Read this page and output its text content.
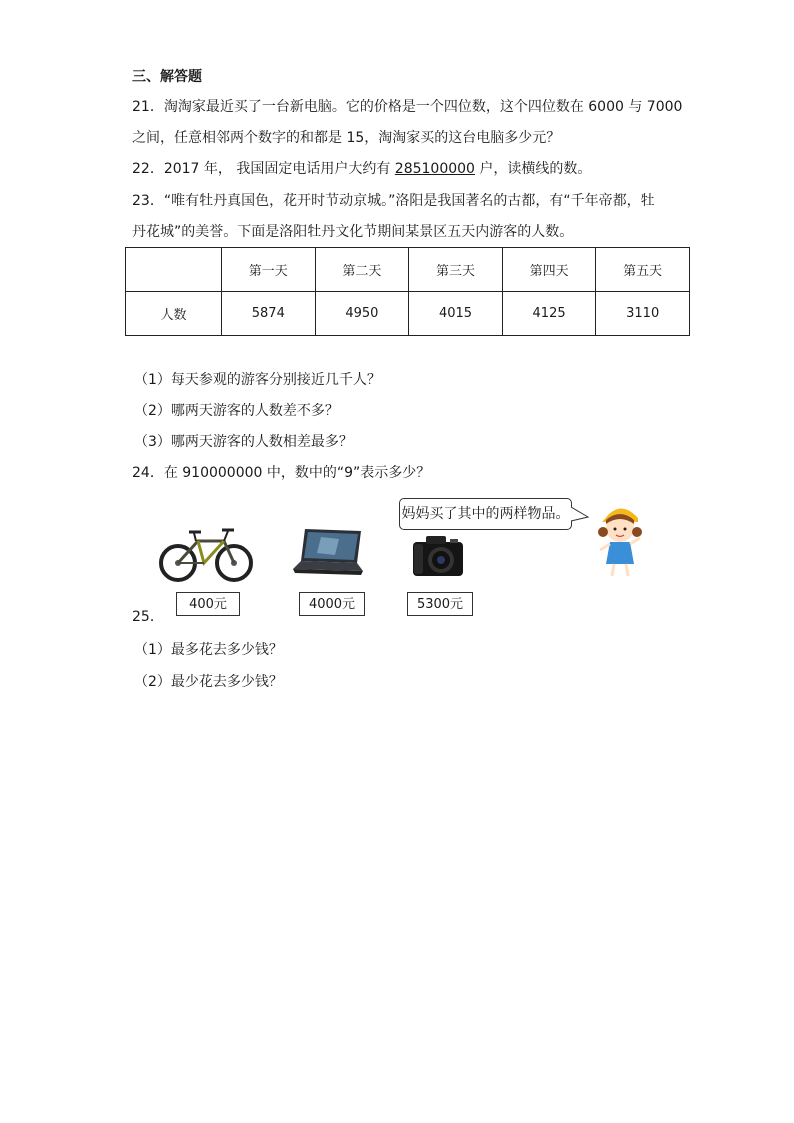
三、解答题
21．淘淘家最近买了一台新电脑。它的价格是一个四位数，这个四位数在 6000 与 7000
之间，任意相邻两个数字的和都是 15，淘淘家买的这台电脑多少元？
22．2017 年， 我国固定电话用户大约有 285100000 户，读横线的数。
23．“唯有牡丹真国色，花开时节动京城。”洛阳是我国著名的古都，有“千年帝都，牡
丹花城”的美誉。下面是洛阳牡丹文化节期间某景区五天内游客的人数。
	第一天	第二天	第三天	第四天	第五天
人数	5874	4950	4015	4125	3110
（1）每天参观的游客分别接近几千人？
（2）哪两天游客的人数差不多？
（3）哪两天游客的人数相差最多？
24．在 910000000 中，数中的“9”表示多少？
400元	4000元	5300元
25．
妈妈买了其中的两样物品。
（1）最多花去多少钱？
（2）最少花去多少钱？
